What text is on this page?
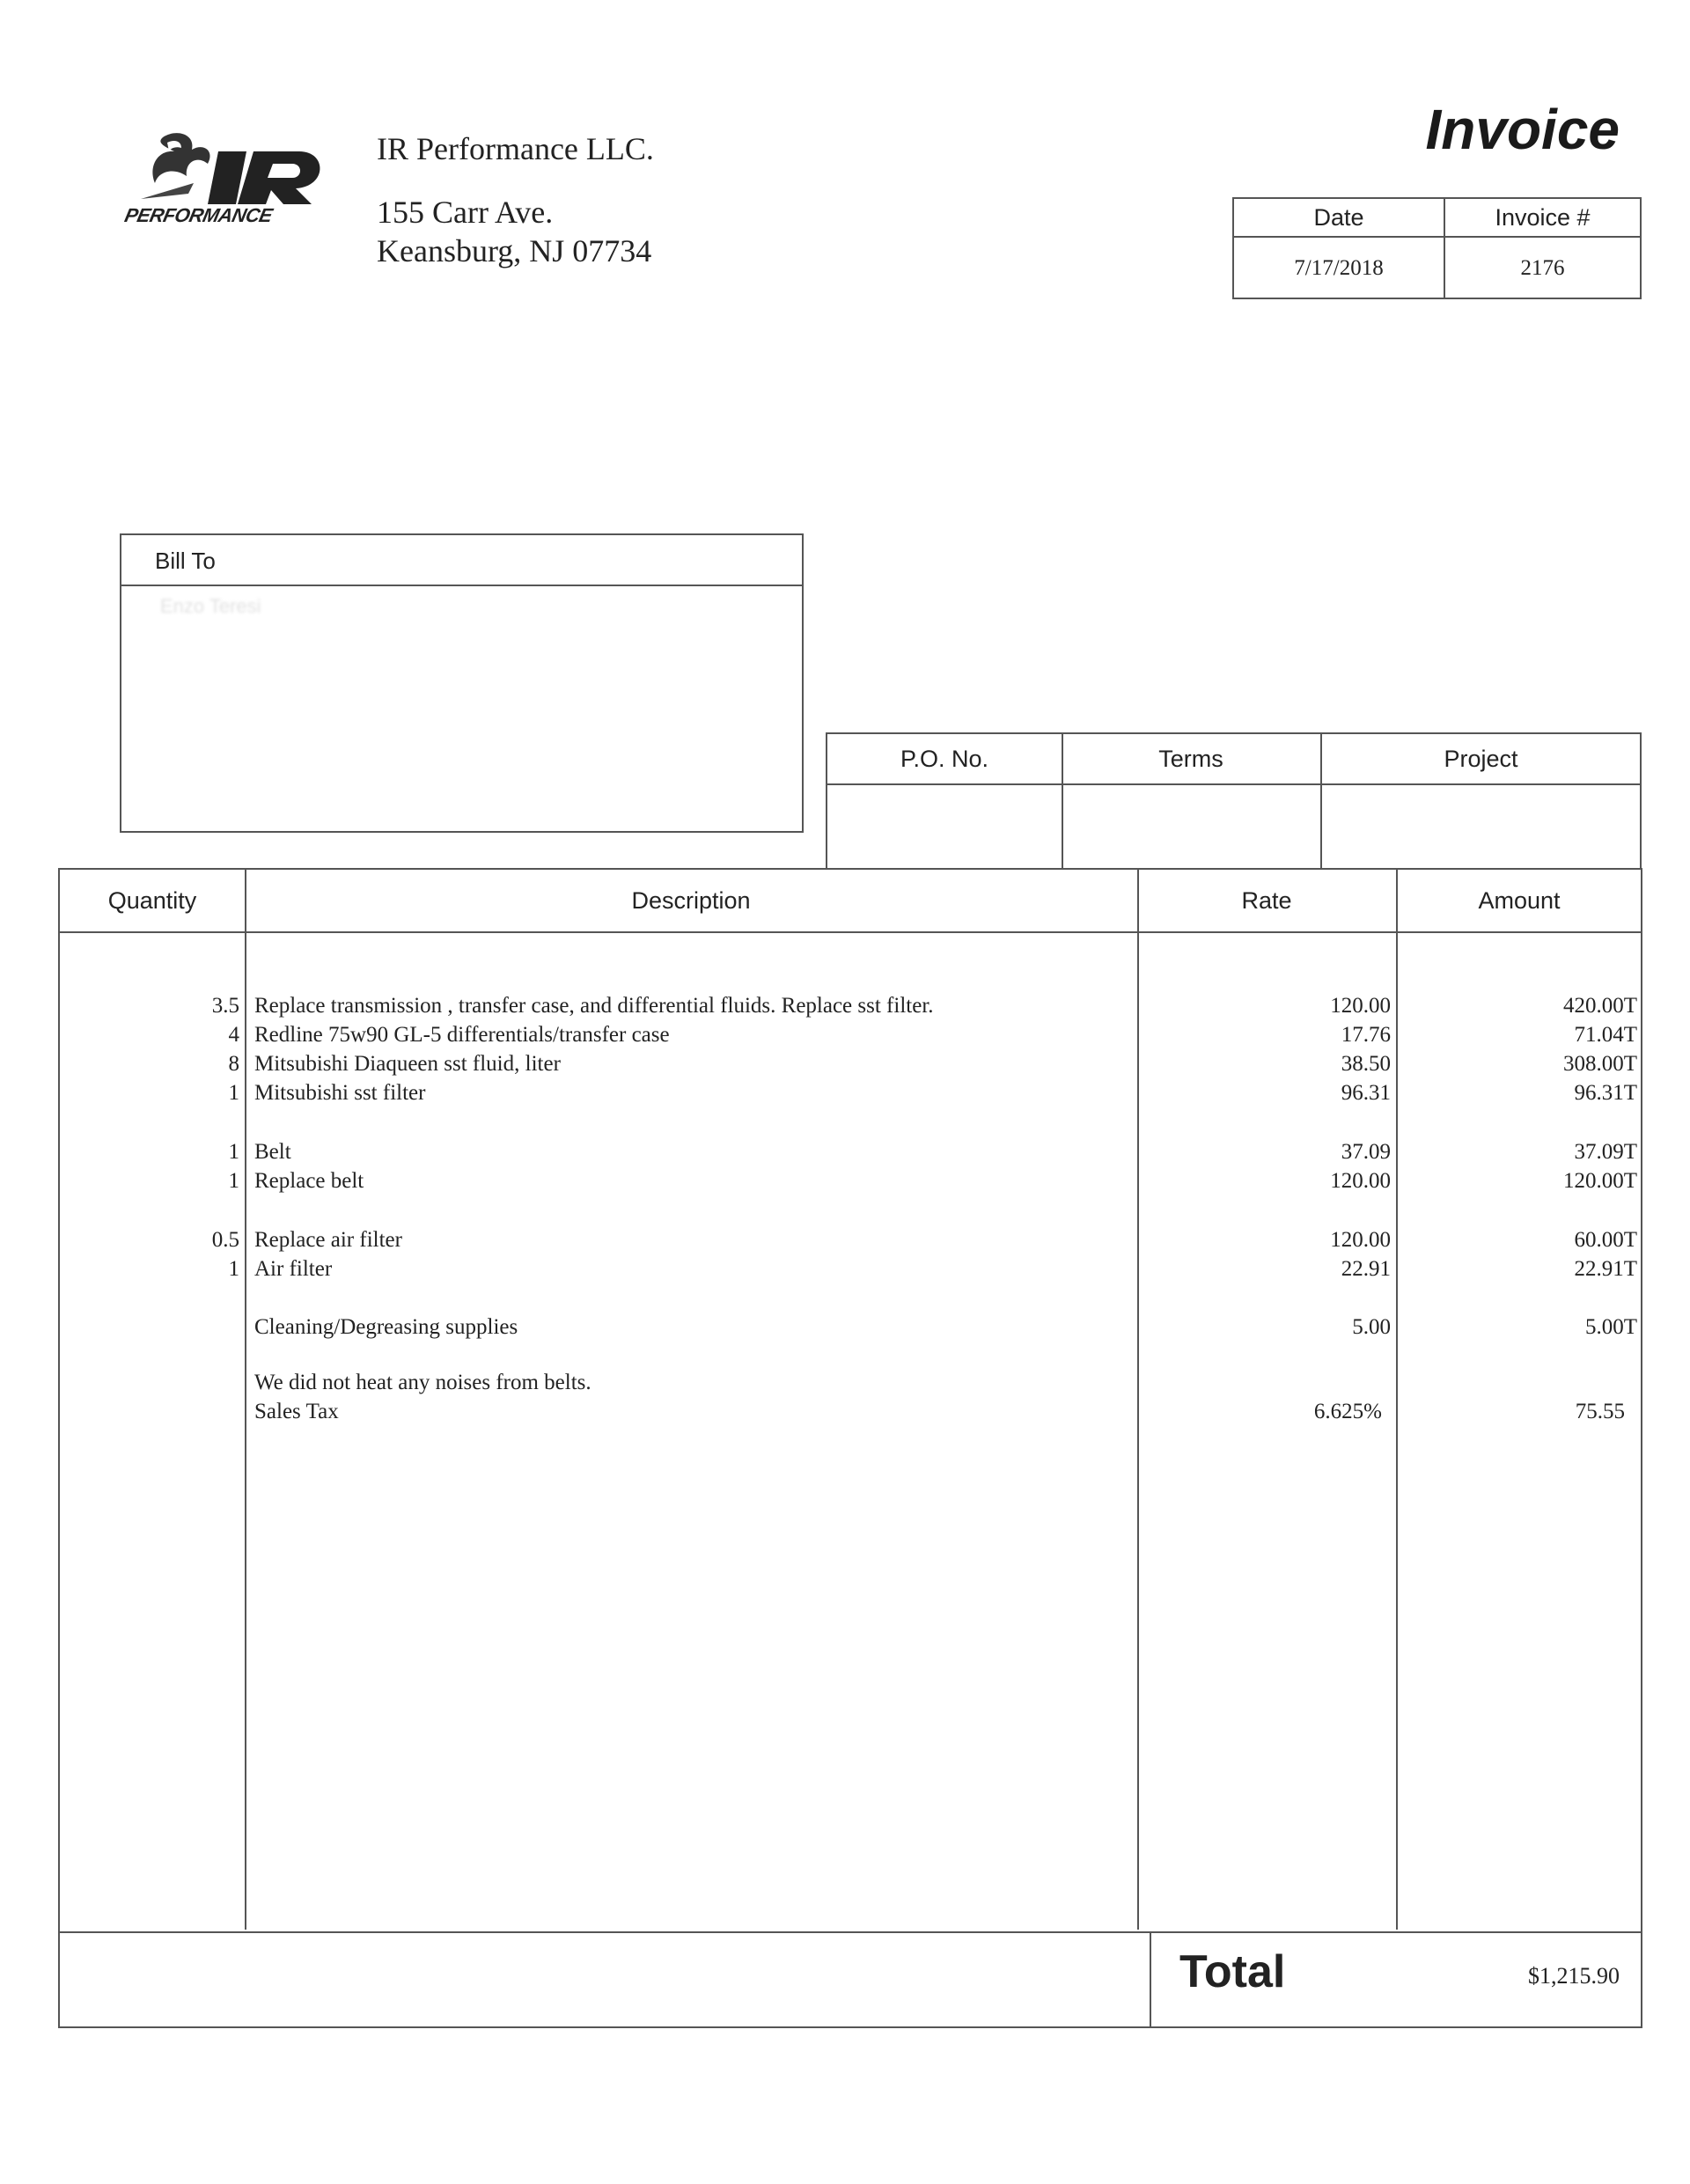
PERFORMANCE
IR Performance LLC.
155 Carr Ave.
Keansburg, NJ 07734
Invoice
Date	Invoice #
7/17/2018	2176
Bill To
Enzo Teresi
P.O. No.	Terms	Project
Quantity	Description	Rate	Amount
3.5 Replace transmission , transfer case, and differential fluids. Replace sst filter.	120.00	420.00T
4 Redline 75w90 GL-5 differentials/transfer case	17.76	71.04T
8 Mitsubishi Diaqueen sst fluid, liter	38.50	308.00T
1 Mitsubishi sst filter	96.31	96.31T
1 Belt	37.09	37.09T
1 Replace belt	120.00	120.00T
0.5 Replace air filter	120.00	60.00T
1 Air filter	22.91	22.91T
Cleaning/Degreasing supplies	5.00	5.00T
We did not heat any noises from belts.
Sales Tax	6.625%	75.55
Total	$1,215.90
